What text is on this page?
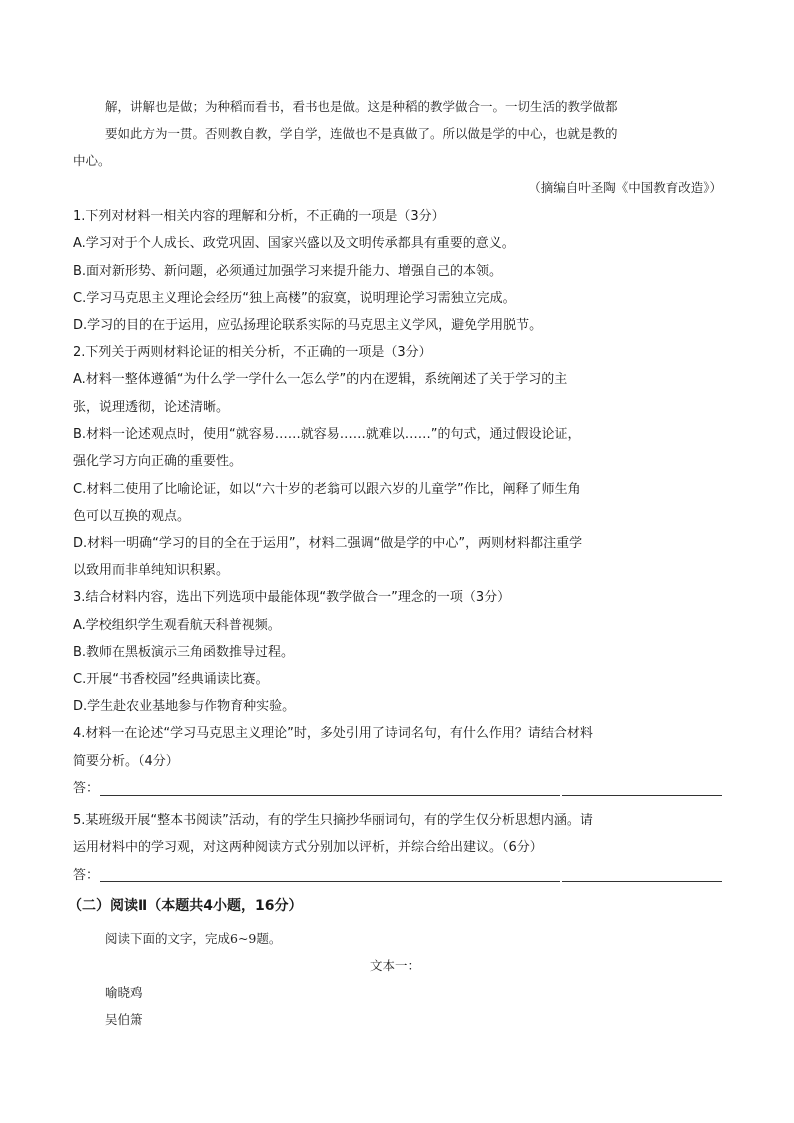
解，讲解也是做；为种稻而看书，看书也是做。这是种稻的教学做合一。一切生活的教学做都
要如此方为一贯。否则教自教，学自学，连做也不是真做了。所以做是学的中心，也就是教的
中心。
（摘编自叶圣陶《中国教育改造》）
1.下列对材料一相关内容的理解和分析，不正确的一项是（3分）
A.学习对于个人成长、政党巩固、国家兴盛以及文明传承都具有重要的意义。
B.面对新形势、新问题，必须通过加强学习来提升能力、增强自己的本领。
C.学习马克思主义理论会经历“独上高楼”的寂寞，说明理论学习需独立完成。
D.学习的目的在于运用，应弘扬理论联系实际的马克思主义学风，避免学用脱节。
2.下列关于两则材料论证的相关分析，不正确的一项是（3分）
A.材料一整体遵循“为什么学一学什么一怎么学”的内在逻辑，系统阐述了关于学习的主
张，说理透彻，论述清晰。
B.材料一论述观点时，使用“就容易……就容易……就难以……”的句式，通过假设论证，
强化学习方向正确的重要性。
C.材料二使用了比喻论证，如以“六十岁的老翁可以跟六岁的儿童学”作比，阐释了师生角
色可以互换的观点。
D.材料一明确“学习的目的全在于运用”，材料二强调“做是学的中心”，两则材料都注重学
以致用而非单纯知识积累。
3.结合材料内容，选出下列选项中最能体现“教学做合一”理念的一项（3分）
A.学校组织学生观看航天科普视频。
B.教师在黑板演示三角函数推导过程。
C.开展“书香校园”经典诵读比赛。
D.学生赴农业基地参与作物育种实验。
4.材料一在论述“学习马克思主义理论”时，多处引用了诗词名句，有什么作用？请结合材料
简要分析。（4分）
答：
5.某班级开展“整本书阅读”活动，有的学生只摘抄华丽词句，有的学生仅分析思想内涵。请
运用材料中的学习观，对这两种阅读方式分别加以评析，并综合给出建议。（6分）
答：
（二）阅读Ⅱ（本题共4小题，16分）
阅读下面的文字，完成6~9题。
文本一：
喻晓鸡
吴伯箫
